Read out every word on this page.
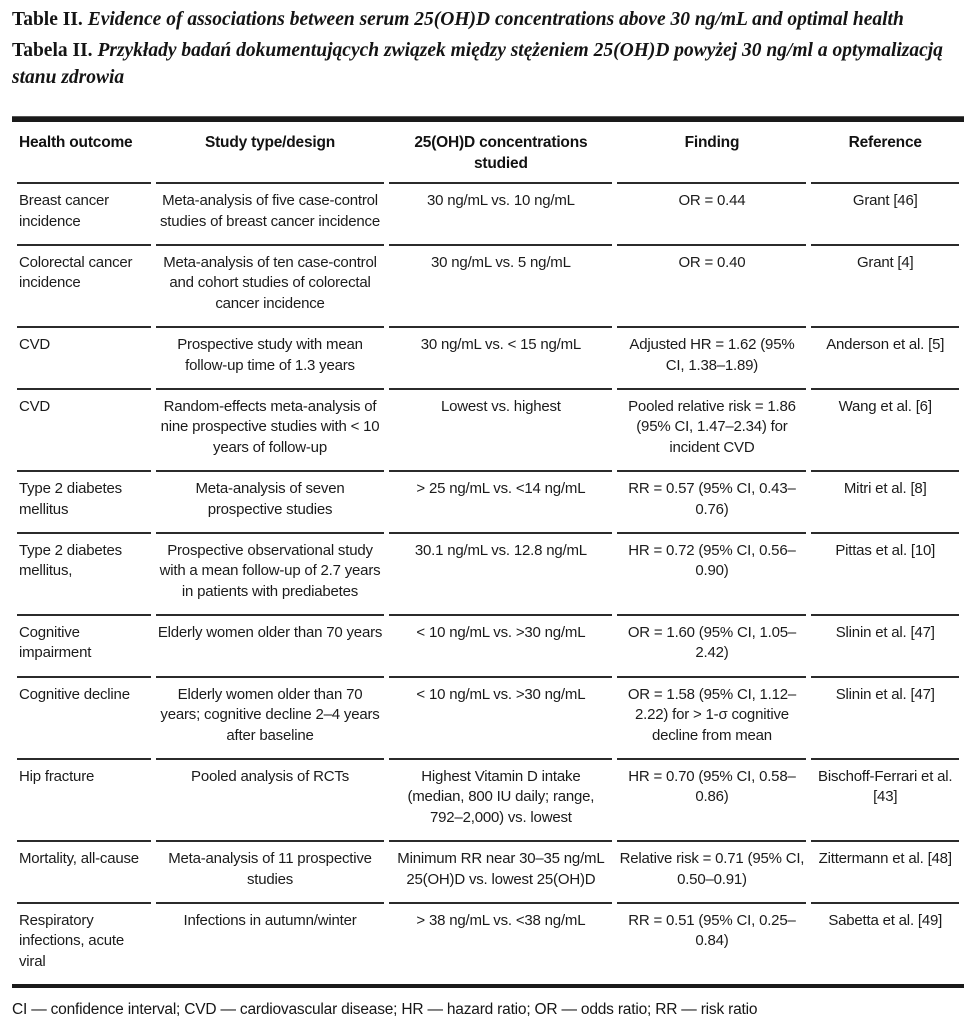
Table II. Evidence of associations between serum 25(OH)D concentrations above 30 ng/mL and optimal health

Tabela II. Przykłady badań dokumentujących związek między stężeniem 25(OH)D powyżej 30 ng/ml a optymalizacją stanu zdrowia

Health outcome	Study type/design	25(OH)D concentrations studied	Finding	Reference
Breast cancer incidence	Meta-analysis of five case-control studies of breast cancer incidence	30 ng/mL vs. 10 ng/mL	OR = 0.44	Grant [46]
Colorectal cancer incidence	Meta-analysis of ten case-control and cohort studies of colorectal cancer incidence	30 ng/mL vs. 5 ng/mL	OR = 0.40	Grant [4]
CVD	Prospective study with mean follow-up time of 1.3 years	30 ng/mL vs. < 15 ng/mL	Adjusted HR = 1.62 (95% CI, 1.38–1.89)	Anderson et al. [5]
CVD	Random-effects meta-analysis of nine prospective studies with < 10 years of follow-up	Lowest vs. highest	Pooled relative risk = 1.86 (95% CI, 1.47–2.34) for incident CVD	Wang et al. [6]
Type 2 diabetes mellitus	Meta-analysis of seven prospective studies	> 25 ng/mL vs. <14 ng/mL	RR = 0.57 (95% CI, 0.43–0.76)	Mitri et al. [8]
Type 2 diabetes mellitus,	Prospective observational study with a mean follow-up of 2.7 years in patients with prediabetes	30.1 ng/mL vs. 12.8 ng/mL	HR = 0.72 (95% CI, 0.56–0.90)	Pittas et al. [10]
Cognitive impairment	Elderly women older than 70 years	< 10 ng/mL vs. >30 ng/mL	OR = 1.60 (95% CI, 1.05–2.42)	Slinin et al. [47]
Cognitive decline	Elderly women older than 70 years; cognitive decline 2–4 years after baseline	< 10 ng/mL vs. >30 ng/mL	OR = 1.58 (95% CI, 1.12–2.22) for > 1-σ cognitive decline from mean	Slinin et al. [47]
Hip fracture	Pooled analysis of RCTs	Highest Vitamin D intake (median, 800 IU daily; range, 792–2,000) vs. lowest	HR = 0.70 (95% CI, 0.58–0.86)	Bischoff-Ferrari et al. [43]
Mortality, all-cause	Meta-analysis of 11 prospective studies	Minimum RR near 30–35 ng/mL 25(OH)D vs. lowest 25(OH)D	Relative risk = 0.71 (95% CI, 0.50–0.91)	Zittermann et al. [48]
Respiratory infections, acute viral	Infections in autumn/winter	> 38 ng/mL vs. <38 ng/mL	RR = 0.51 (95% CI, 0.25–0.84)	Sabetta et al. [49]
CI — confidence interval; CVD — cardiovascular disease; HR — hazard ratio; OR — odds ratio; RR — risk ratio
